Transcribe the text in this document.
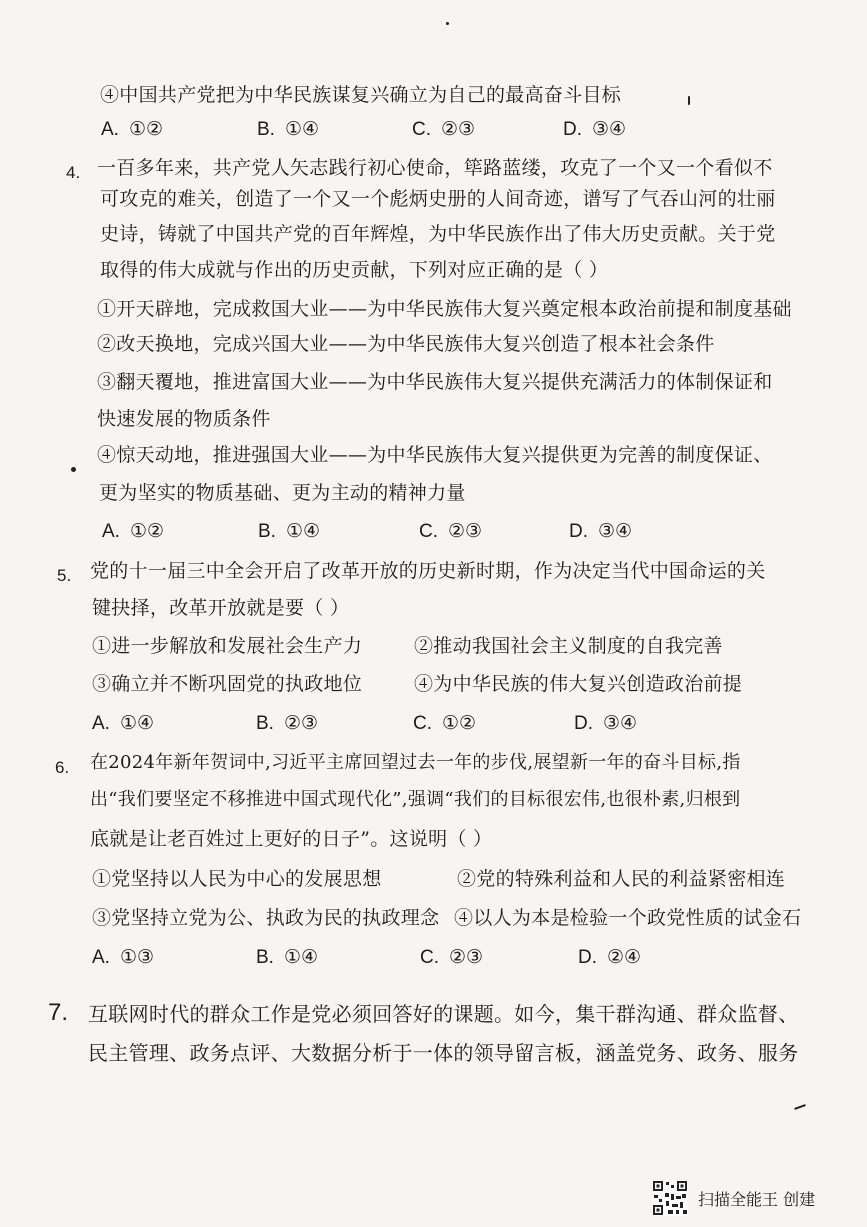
④中国共产党把为中华民族谋复兴确立为自己的最高奋斗目标
A. ①②	B. ①④	C. ②③	D. ③④
4. 一百多年来，共产党人矢志践行初心使命，筚路蓝缕，攻克了一个又一个看似不
可攻克的难关，创造了一个又一个彪炳史册的人间奇迹，谱写了气吞山河的壮丽
史诗，铸就了中国共产党的百年辉煌，为中华民族作出了伟大历史贡献。关于党
取得的伟大成就与作出的历史贡献，下列对应正确的是（ ）
①开天辟地，完成救国大业——为中华民族伟大复兴奠定根本政治前提和制度基础
②改天换地，完成兴国大业——为中华民族伟大复兴创造了根本社会条件
③翻天覆地，推进富国大业——为中华民族伟大复兴提供充满活力的体制保证和
快速发展的物质条件
④惊天动地，推进强国大业——为中华民族伟大复兴提供更为完善的制度保证、
更为坚实的物质基础、更为主动的精神力量
A. ①②	B. ①④	C. ②③	D. ③④
5. 党的十一届三中全会开启了改革开放的历史新时期，作为决定当代中国命运的关
键抉择，改革开放就是要（ ）
①进一步解放和发展社会生产力	②推动我国社会主义制度的自我完善
③确立并不断巩固党的执政地位	④为中华民族的伟大复兴创造政治前提
A. ①④	B. ②③	C. ①②	D. ③④
6. 在2024年新年贺词中,习近平主席回望过去一年的步伐,展望新一年的奋斗目标,指
出“我们要坚定不移推进中国式现代化”,强调“我们的目标很宏伟,也很朴素,归根到
底就是让老百姓过上更好的日子”。这说明（ ）
①党坚持以人民为中心的发展思想	②党的特殊利益和人民的利益紧密相连
③党坚持立党为公、执政为民的执政理念 ④以人为本是检验一个政党性质的试金石
A. ①③	B. ①④	C. ②③	D. ②④
7. 互联网时代的群众工作是党必须回答好的课题。如今，集干群沟通、群众监督、
民主管理、政务点评、大数据分析于一体的领导留言板，涵盖党务、政务、服务
扫描全能王 创建
